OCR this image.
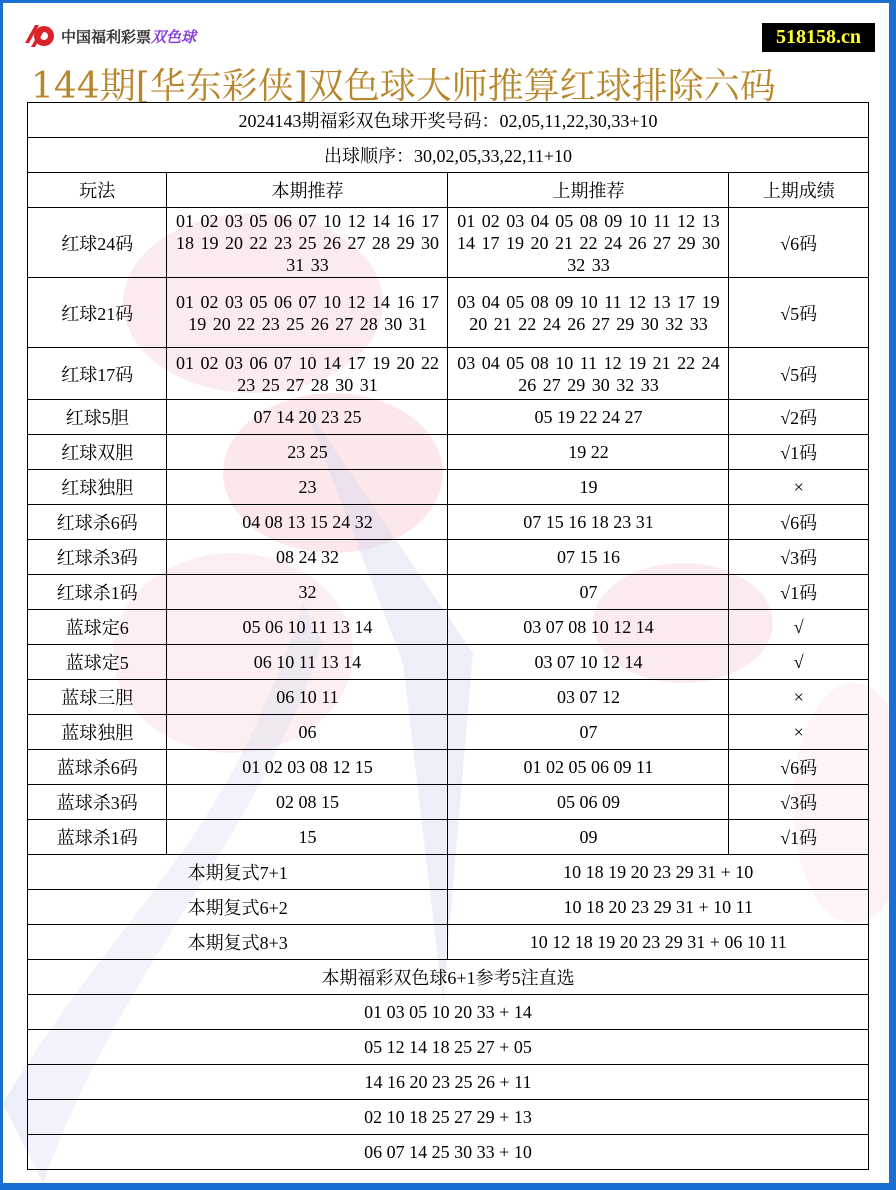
中国福利彩票双色球	518158.cn
144期[华东彩侠]双色球大师推算红球排除六码
2024143期福彩双色球开奖号码：02,05,11,22,30,33+10			
出球顺序：30,02,05,33,22,11+10			
玩法	本期推荐	上期推荐	上期成绩
红球24码	01 02 03 05 06 07 10 12 14 16 17 18 19 20 22 23 25 26 27 28 29 30 31 33	01 02 03 04 05 08 09 10 11 12 13 14 17 19 20 21 22 24 26 27 29 30 32 33	√6码
红球21码	01 02 03 05 06 07 10 12 14 16 17 19 20 22 23 25 26 27 28 30 31	03 04 05 08 09 10 11 12 13 17 19 20 21 22 24 26 27 29 30 32 33	√5码
红球17码	01 02 03 06 07 10 14 17 19 20 22 23 25 27 28 30 31	03 04 05 08 10 11 12 19 21 22 24 26 27 29 30 32 33	√5码
红球5胆	07 14 20 23 25	05 19 22 24 27	√2码
红球双胆	23 25	19 22	√1码
红球独胆	23	19	×
红球杀6码	04 08 13 15 24 32	07 15 16 18 23 31	√6码
红球杀3码	08 24 32	07 15 16	√3码
红球杀1码	32	07	√1码
蓝球定6	05 06 10 11 13 14	03 07 08 10 12 14	√
蓝球定5	06 10 11 13 14	03 07 10 12 14	√
蓝球三胆	06 10 11	03 07 12	×
蓝球独胆	06	07	×
蓝球杀6码	01 02 03 08 12 15	01 02 05 06 09 11	√6码
蓝球杀3码	02 08 15	05 06 09	√3码
蓝球杀1码	15	09	√1码
本期复式7+1		10 18 19 20 23 29 31 + 10	
本期复式6+2		10 18 20 23 29 31 + 10 11	
本期复式8+3		10 12 18 19 20 23 29 31 + 06 10 11	
本期福彩双色球6+1参考5注直选			
01 03 05 10 20 33 + 14			
05 12 14 18 25 27 + 05			
14 16 20 23 25 26 + 11			
02 10 18 25 27 29 + 13			
06 07 14 25 30 33 + 10			
